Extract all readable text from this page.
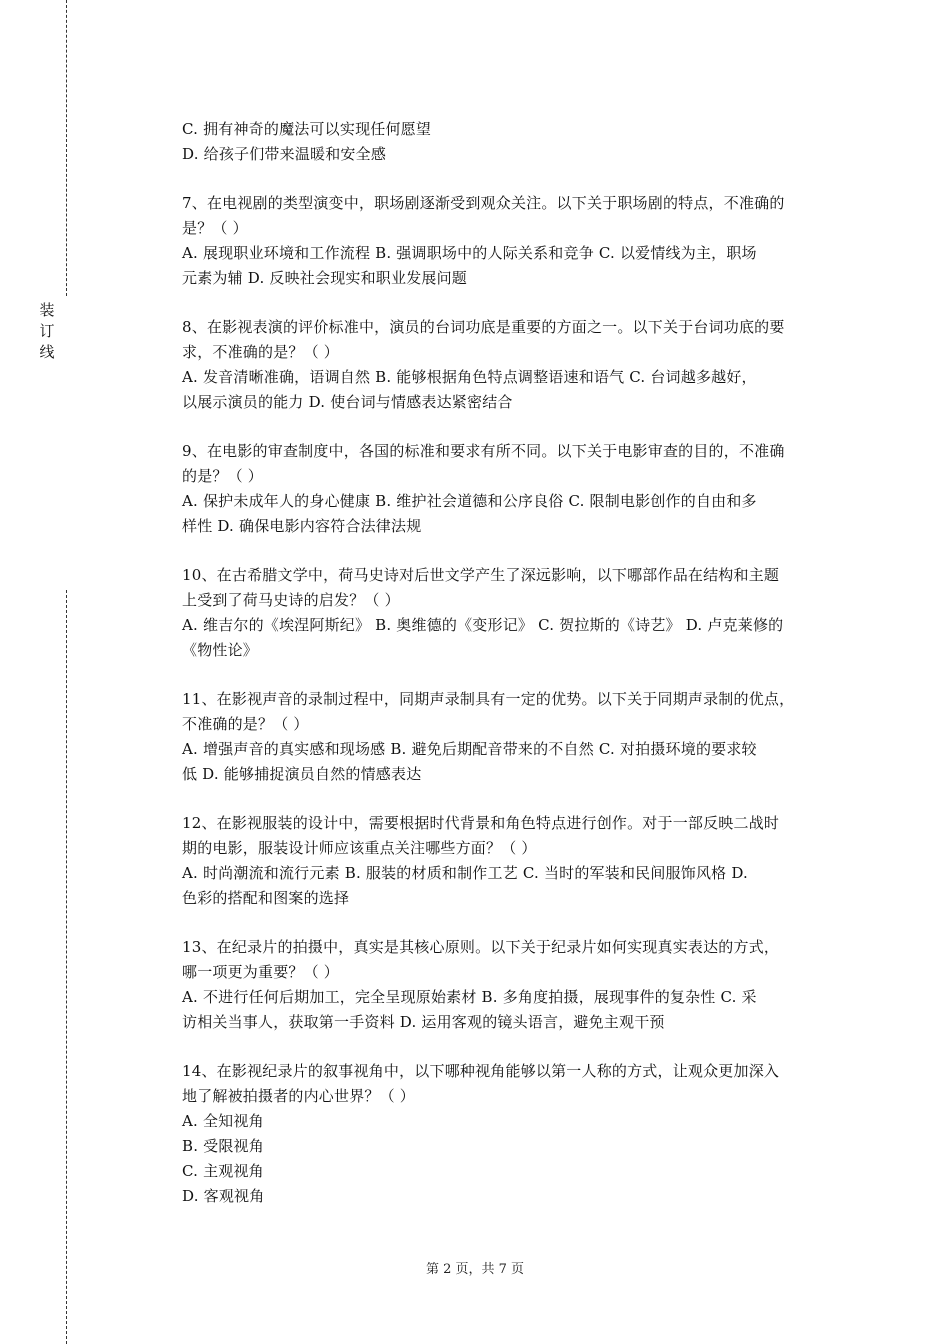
装
订
线
C. 拥有神奇的魔法可以实现任何愿望
D. 给孩子们带来温暖和安全感
7、在电视剧的类型演变中，职场剧逐渐受到观众关注。以下关于职场剧的特点，不准确的
是？（ ）
A. 展现职业环境和工作流程 B. 强调职场中的人际关系和竞争 C. 以爱情线为主，职场
元素为辅 D. 反映社会现实和职业发展问题
8、在影视表演的评价标准中，演员的台词功底是重要的方面之一。以下关于台词功底的要
求，不准确的是？（ ）
A. 发音清晰准确，语调自然 B. 能够根据角色特点调整语速和语气 C. 台词越多越好，
以展示演员的能力 D. 使台词与情感表达紧密结合
9、在电影的审查制度中，各国的标准和要求有所不同。以下关于电影审查的目的，不准确
的是？（ ）
A. 保护未成年人的身心健康 B. 维护社会道德和公序良俗 C. 限制电影创作的自由和多
样性 D. 确保电影内容符合法律法规
10、在古希腊文学中，荷马史诗对后世文学产生了深远影响，以下哪部作品在结构和主题
上受到了荷马史诗的启发？（ ）
A. 维吉尔的《埃涅阿斯纪》 B. 奥维德的《变形记》 C. 贺拉斯的《诗艺》 D. 卢克莱修的
《物性论》
11、在影视声音的录制过程中，同期声录制具有一定的优势。以下关于同期声录制的优点，
不准确的是？（ ）
A. 增强声音的真实感和现场感 B. 避免后期配音带来的不自然 C. 对拍摄环境的要求较
低 D. 能够捕捉演员自然的情感表达
12、在影视服装的设计中，需要根据时代背景和角色特点进行创作。对于一部反映二战时
期的电影，服装设计师应该重点关注哪些方面？（ ）
A. 时尚潮流和流行元素 B. 服装的材质和制作工艺 C. 当时的军装和民间服饰风格 D.
色彩的搭配和图案的选择
13、在纪录片的拍摄中，真实是其核心原则。以下关于纪录片如何实现真实表达的方式，
哪一项更为重要？（ ）
A. 不进行任何后期加工，完全呈现原始素材 B. 多角度拍摄，展现事件的复杂性 C. 采
访相关当事人，获取第一手资料 D. 运用客观的镜头语言，避免主观干预
14、在影视纪录片的叙事视角中，以下哪种视角能够以第一人称的方式，让观众更加深入
地了解被拍摄者的内心世界？（ ）
A. 全知视角
B. 受限视角
C. 主观视角
D. 客观视角
第 2 页，共 7 页
